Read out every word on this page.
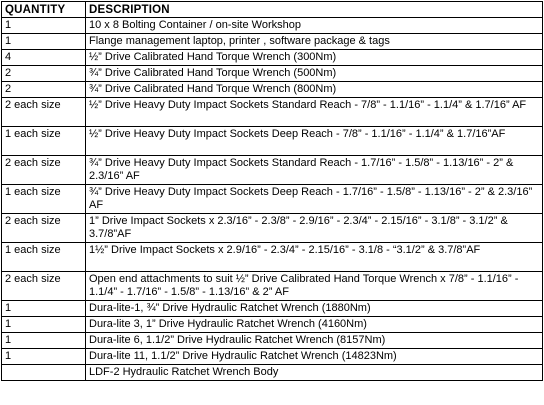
QUANTITY	DESCRIPTION
1	10 x 8 Bolting Container / on-site Workshop
1	Flange management laptop, printer , software package & tags
4	½” Drive Calibrated Hand Torque Wrench (300Nm)
2	¾” Drive Calibrated Hand Torque Wrench (500Nm)
2	¾” Drive Calibrated Hand Torque Wrench (800Nm)
2 each size	½” Drive Heavy Duty Impact Sockets Standard Reach - 7/8” - 1.1/16” - 1.1/4” & 1.7/16” AF
1 each size	½” Drive Heavy Duty Impact Sockets Deep Reach - 7/8” - 1.1/16” - 1.1/4” & 1.7/16”AF
2 each size	¾” Drive Heavy Duty Impact Sockets Standard Reach - 1.7/16” - 1.5/8” - 1.13/16” - 2” & 2.3/16” AF
1 each size	¾” Drive Heavy Duty Impact Sockets Deep Reach - 1.7/16” - 1.5/8” - 1.13/16” - 2” & 2.3/16” AF
2 each size	1” Drive Impact Sockets x 2.3/16” - 2.3/8” - 2.9/16” - 2.3/4” - 2.15/16” - 3.1/8” - 3.1/2” & 3.7/8”AF
1 each size	1½” Drive Impact Sockets x 2.9/16” - 2.3/4” - 2.15/16” - 3.1/8 - “3.1/2” & 3.7/8”AF
2 each size	Open end attachments to suit ½” Drive Calibrated Hand Torque Wrench x 7/8” - 1.1/16” - 1.1/4” - 1.7/16” - 1.5/8” - 1.13/16” & 2” AF
1	Dura-lite-1, ¾” Drive Hydraulic Ratchet Wrench (1880Nm)
1	Dura-lite 3, 1” Drive Hydraulic Ratchet Wrench (4160Nm)
1	Dura-lite 6, 1.1/2” Drive Hydraulic Ratchet Wrench (8157Nm)
1	Dura-lite 11, 1.1/2” Drive Hydraulic Ratchet Wrench (14823Nm)
	LDF-2 Hydraulic Ratchet Wrench Body
